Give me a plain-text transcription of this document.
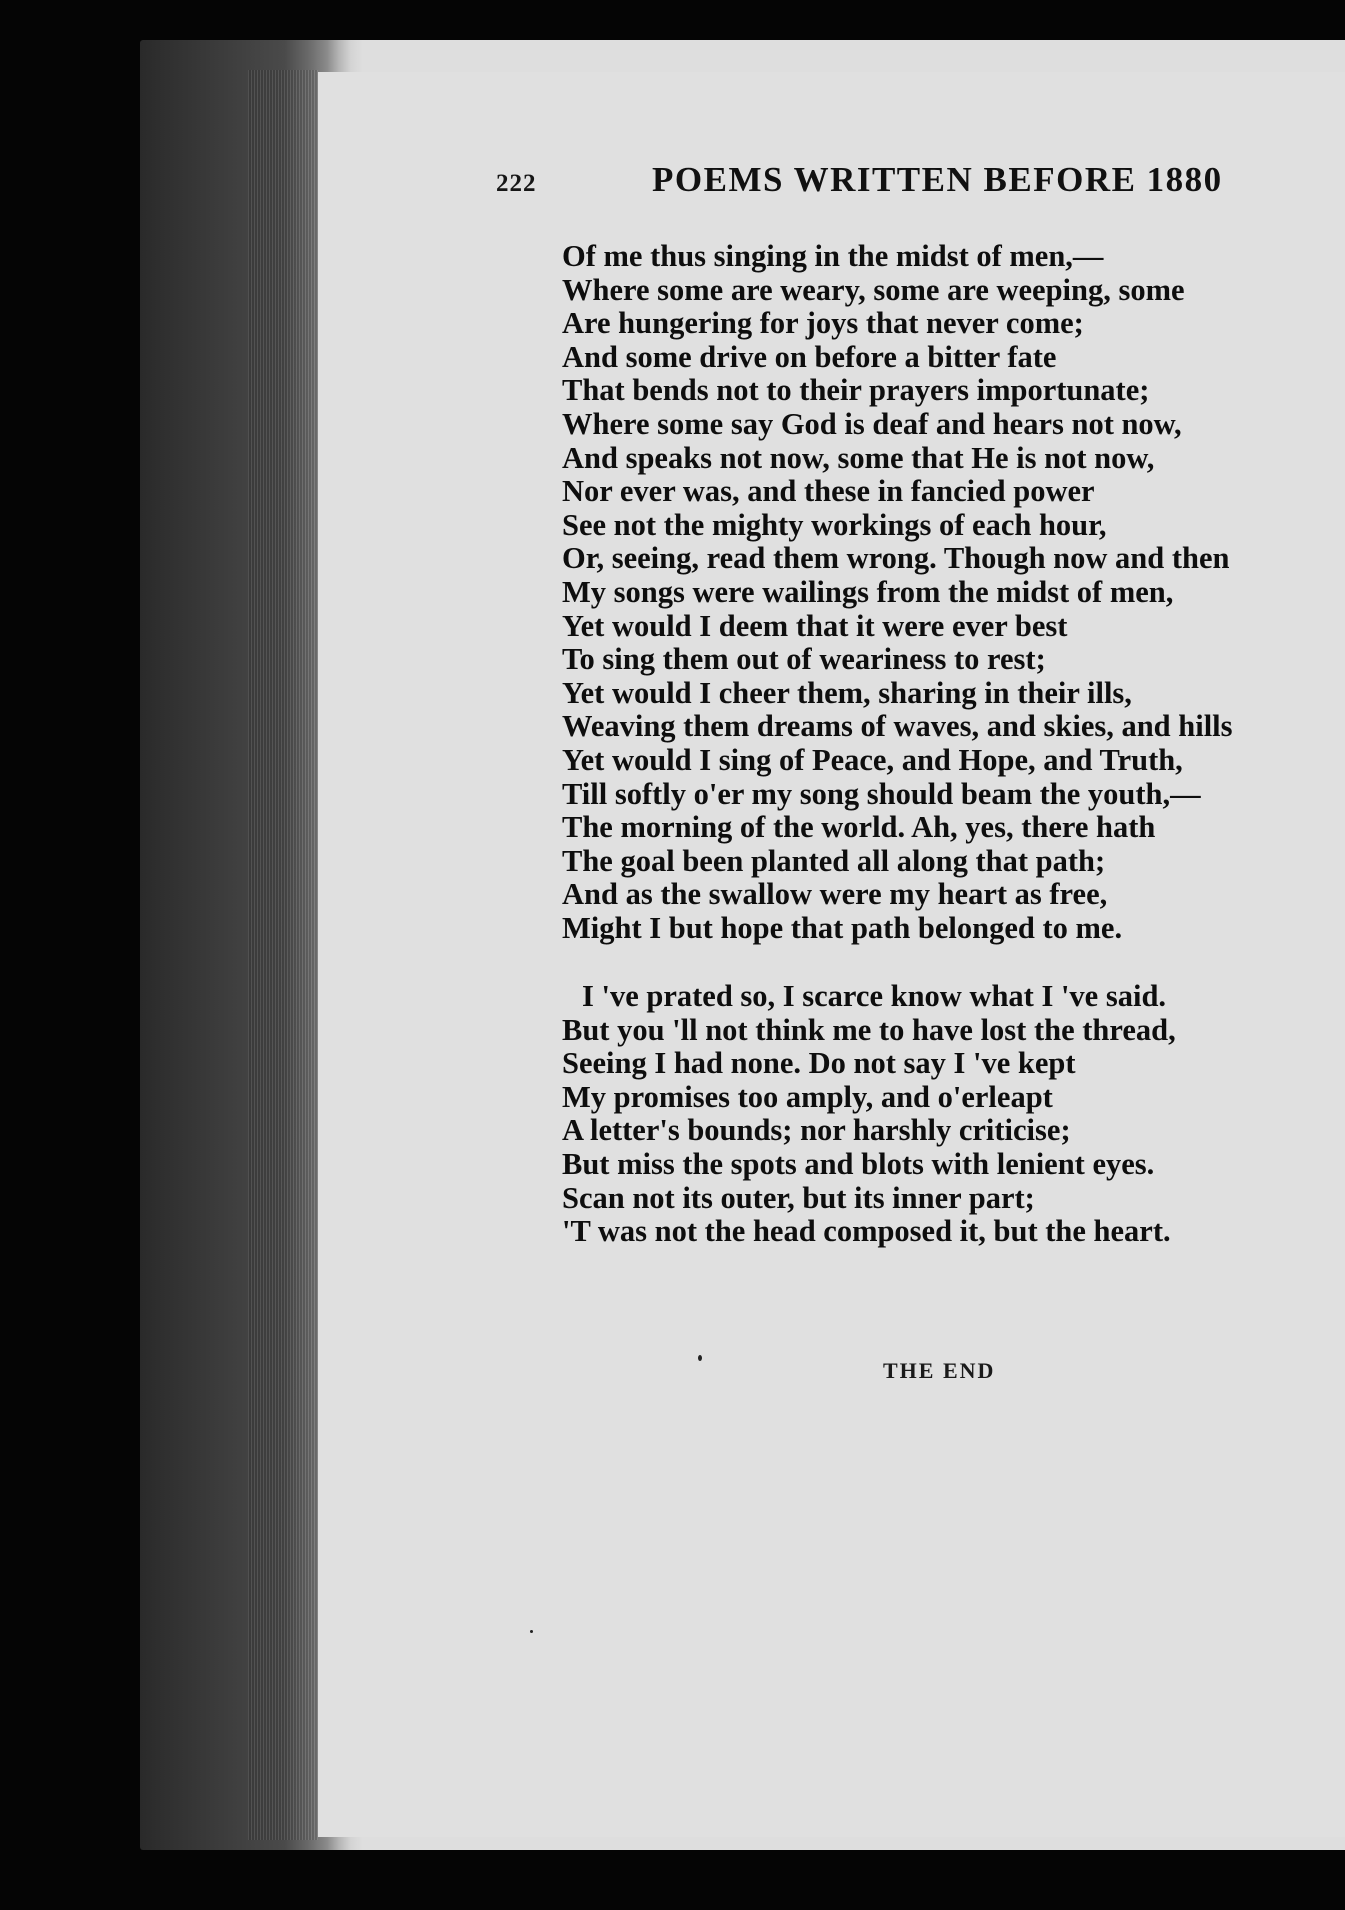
222	POEMS WRITTEN BEFORE 1880
Of me thus singing in the midst of men,—
Where some are weary, some are weeping, some
Are hungering for joys that never come;
And some drive on before a bitter fate
That bends not to their prayers importunate;
Where some say God is deaf and hears not now,
And speaks not now, some that He is not now,
Nor ever was, and these in fancied power
See not the mighty workings of each hour,
Or, seeing, read them wrong. Though now and then
My songs were wailings from the midst of men,
Yet would I deem that it were ever best
To sing them out of weariness to rest;
Yet would I cheer them, sharing in their ills,
Weaving them dreams of waves, and skies, and hills
Yet would I sing of Peace, and Hope, and Truth,
Till softly o'er my song should beam the youth,—
The morning of the world. Ah, yes, there hath
The goal been planted all along that path;
And as the swallow were my heart as free,
Might I but hope that path belonged to me.
I 've prated so, I scarce know what I 've said.
But you 'll not think me to have lost the thread,
Seeing I had none. Do not say I 've kept
My promises too amply, and o'erleapt
A letter's bounds; nor harshly criticise;
But miss the spots and blots with lenient eyes.
Scan not its outer, but its inner part;
'T was not the head composed it, but the heart.
THE END
